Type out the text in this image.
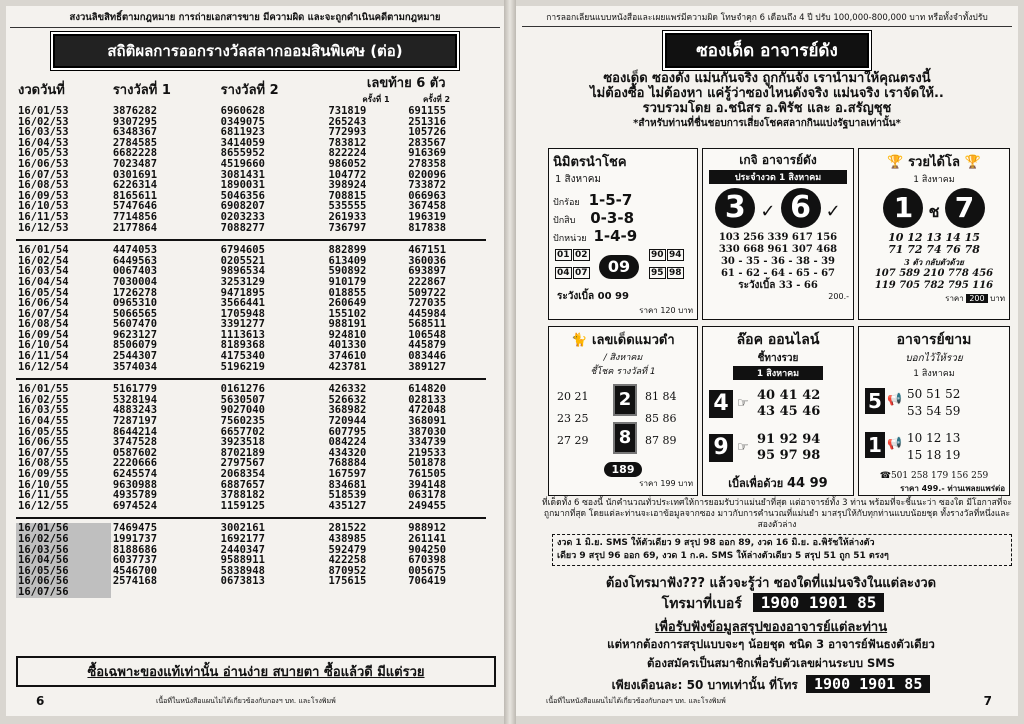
สงวนลิขสิทธิ์ตามกฎหมาย การถ่ายเอกสารขาย มีความผิด และจะถูกดำเนินคดีตามกฎหมาย
สถิติผลการออกรางวัลสลากออมสินพิเศษ (ต่อ)
งวดวันที่	รางวัลที่ 1	รางวัลที่ 2	เลขท้าย 6 ตัว
ครั้งที่ 1 ครั้งที่ 2	

16/01/53	3876282	6960628	731819	691155
16/02/53	9307295	0349075	265243	251316
16/03/53	6348367	6811923	772993	105726
16/04/53	2784585	3414059	783812	283567
16/05/53	6682228	8655952	822224	916369
16/06/53	7023487	4519660	986052	278358
16/07/53	0301691	3081431	104772	020096
16/08/53	6226314	1890031	398924	733872
16/09/53	8165611	5046356	708815	066963
16/10/53	5747646	6908207	535555	367458
16/11/53	7714856	0203233	261933	196319
16/12/53	2177864	7088277	736797	817838

16/01/54	4474053	6794605	882899	467151
16/02/54	6449563	0205521	613409	360036
16/03/54	0067403	9896534	590892	693897
16/04/54	7030004	3253129	910179	222867
16/05/54	1726278	9471895	018855	509722
16/06/54	0965310	3566441	260649	727035
16/07/54	5066565	1705948	155102	445984
16/08/54	5607470	3391277	988191	568511
16/09/54	9623127	1113613	924810	106548
16/10/54	8506079	8189368	401330	445879
16/11/54	2544307	4175340	374610	083446
16/12/54	3574034	5196219	423781	389127

16/01/55	5161779	0161276	426332	614820
16/02/55	5328194	5630507	526632	028133
16/03/55	4883243	9027040	368982	472048
16/04/55	7287197	7560235	720944	368091
16/05/55	8644214	6657702	607795	387030
16/06/55	3747528	3923518	084224	334739
16/07/55	0587602	8702189	434320	219533
16/08/55	2220666	2797567	768884	501878
16/09/55	6245574	2068354	167597	761505
16/10/55	9630988	6887657	834681	394148
16/11/55	4935789	3788182	518539	063178
16/12/55	6974524	1159125	435127	249455

16/01/56	7469475	3002161	281522	988912
16/02/56	1991737	1692177	438985	261141
16/03/56	8188686	2440347	592479	904250
16/04/56	6037737	9588911	422258	670398
16/05/56	4546700	5838948	870952	005675
16/06/56	2574168	0673813	175615	706419
16/07/56				
ซื้อเฉพาะของแท้เท่านั้น อ่านง่าย สบายตา ซื้อแล้วดี มีแต่รวย
6	เนื้อที่ในหนังสือแผนไม่ได้เกี่ยวข้องกับกองฯ บท. และโรงพิมพ์
การลอกเลียนแบบหนังสือและเผยแพร่มีความผิด โทษจำคุก 6 เดือนถึง 4 ปี ปรับ 100,000-800,000 บาท หรือทั้งจำทั้งปรับ
ซองเด็ด อาจารย์ดัง
ซองเด็ด ซองดัง แม่นกันจริง ถูกกันจัง เรานำมาให้คุณตรงนี้
ไม่ต้องซื้อ ไม่ต้องหา แค่รู้ว่าซองไหนดังจริง แม่นจริง เราจัดให้..
รวบรวมโดย อ.ชนิสร อ.พิรัช และ อ.สรัญชุช
*สำหรับท่านที่ชื่นชอบการเสี่ยงโชคสลากกินแบ่งรัฐบาลเท่านั้น*
นิมิตรนำโชค
1 สิงหาคม
ปักรัอย 1-5-7
ปักสิบ 0-3-8
ปักหน่วย 1-4-9
01 02	90 94
04 07	95 98
09
ระวังเบิ้ล 00 99
ราคา 120 บาท
เกจิ อาจารย์ดัง
ประจำงวด 1 สิงหาคม
3 ✓ 6 ✓
103 256 339 617 156
330 668 961 307 468
30 - 35 - 36 - 38 - 39
61 - 62 - 64 - 65 - 67
ระวังเบิ้ล 33 - 66
200.-
🏆 รวยได้โล 🏆
1 สิงหาคม
1 ช 7
10 12 13 14 15
71 72 74 76 78
3 ตัว กลับตัวด้วย
107 589 210 778 456
119 705 782 795 116
ราคา 200 บาท
🐈 เลขเด็ดแมวดำ
/ สิงหาคม
ชี้โชค รางวัลที่ 1
20 21
23 25
27 29
2
8
81 84
85 86
87 89
189
ราคา 199 บาท
ล๊อค ออนไลน์
ชี้ทางรวย
1 สิงหาคม
4 ☞
40 41 42
43 45 46
9 ☞
91 92 94
95 97 98
เบิ้ลเพื่อด้วย 44 99
อาจารย์ขาม
บอกไว้ให้รวย
1 สิงหาคม
5 📢 50 51 52
53 54 59
1 📢 10 12 13
15 18 19
☎501 258 179 156 259
ราคา 499.- ท่านเพลยแพร่ต่อ
ที่เด็ดทั้ง 6 ซองนี้ นักคำนวณทั่วประเทศให้การยอมรับว่าแม่นยำที่สุด แต่อาจารย์ทั้ง 3 ท่าน พร้อมที่จะชี้แนะว่า ซองใด มีโอกาสที่จะถูกมากที่สุด โดยแต่ละท่านจะเอาข้อมูลจากซอง มาวกับการคำนวณที่แม่นยำ มาสรุปให้กับทุกท่านแบบน้อยชุด ทั้งรางวัลที่หนึ่งและสองตัวล่าง
งวด 1 มิ.ย. SMS ให้ตัวเดียว 9 สรุป 98 ออก 89, งวด 16 มิ.ย. อ.พิรัชให้ล่างตัว
เดียว 9 สรุป 96 ออก 69, งวด 1 ก.ค. SMS ให้ล่างตัวเดียว 5 สรุป 51 ถูก 51 ตรงๆ
ต้องโทรมาฟัง??? แล้วจะรู้ว่า ซองใดที่แม่นจริงในแต่ละงวด
โทรมาที่เบอร์ 1900 1901 85
เพื่อรับฟังข้อมูลสรุปของอาจารย์แต่ละท่าน
แต่หากต้องการสรุปแบบจะๆ น้อยชุด ชนิด 3 อาจารย์ฟันธงตัวเดียว
ต้องสมัครเป็นสมาชิกเพื่อรับตัวเลขผ่านระบบ SMS
เพียงเดือนละ: 50 บาทเท่านั้น ที่โทร 1900 1901 85
เนื้อที่ในหนังสือแผนไม่ได้เกี่ยวข้องกับกองฯ บท. และโรงพิมพ์	7
